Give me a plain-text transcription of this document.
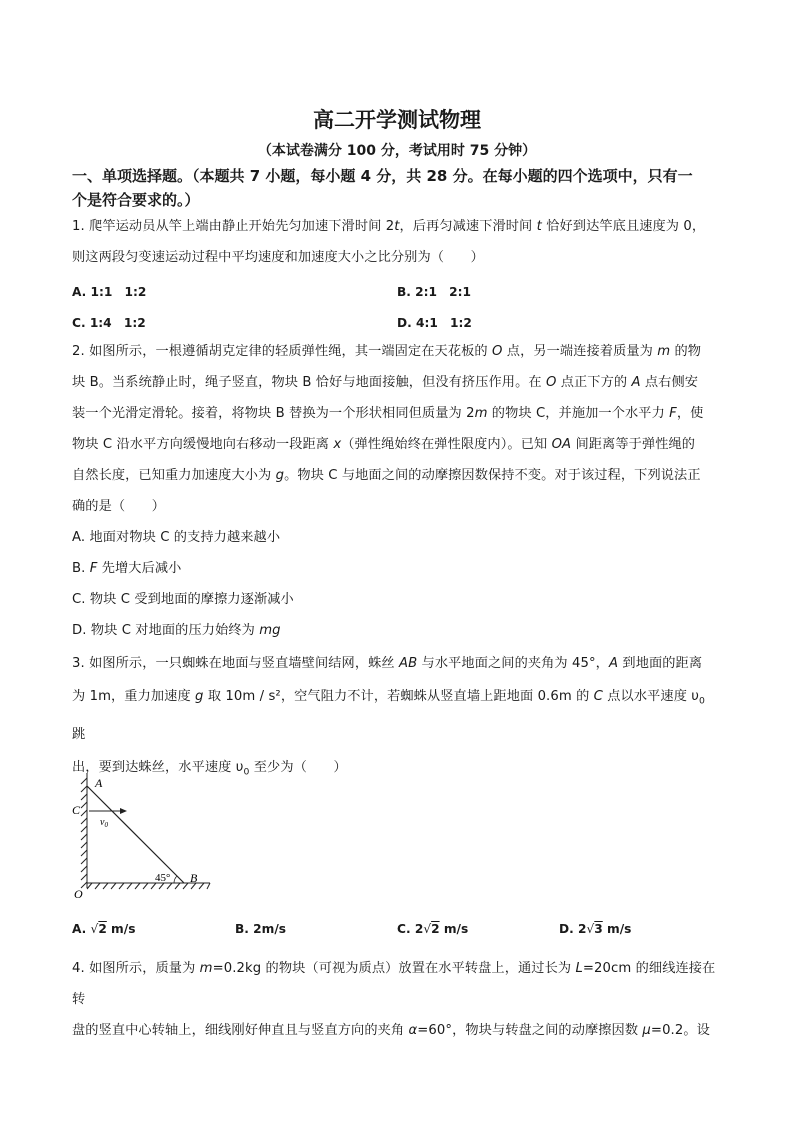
高二开学测试物理
（本试卷满分 100 分，考试用时 75 分钟）
一、单项选择题。（本题共 7 小题，每小题 4 分，共 28 分。在每小题的四个选项中，只有一
个是符合要求的。）
1. 爬竿运动员从竿上端由静止开始先匀加速下滑时间 2t，后再匀减速下滑时间 t 恰好到达竿底且速度为 0，
则这两段匀变速运动过程中平均速度和加速度大小之比分别为（　　）
A. 1:1　1:2	B. 2:1　2:1
C. 1:4　1:2	D. 4:1　1:2
2. 如图所示，一根遵循胡克定律的轻质弹性绳，其一端固定在天花板的 O 点，另一端连接着质量为 m 的物
块 B。当系统静止时，绳子竖直，物块 B 恰好与地面接触，但没有挤压作用。在 O 点正下方的 A 点右侧安
装一个光滑定滑轮。接着，将物块 B 替换为一个形状相同但质量为 2m 的物块 C，并施加一个水平力 F，使
物块 C 沿水平方向缓慢地向右移动一段距离 x（弹性绳始终在弹性限度内）。已知 OA 间距离等于弹性绳的
自然长度，已知重力加速度大小为 g。物块 C 与地面之间的动摩擦因数保持不变。对于该过程，下列说法正
确的是（　　）
A. 地面对物块 C 的支持力越来越小
B. F 先增大后减小
C. 物块 C 受到地面的摩擦力逐渐减小
D. 物块 C 对地面的压力始终为 mg
3. 如图所示，一只蜘蛛在地面与竖直墙壁间结网，蛛丝 AB 与水平地面之间的夹角为 45°，A 到地面的距离
为 1m，重力加速度 g 取 10m / s²，空气阻力不计，若蜘蛛从竖直墙上距地面 0.6m 的 C 点以水平速度 $\upsilon_0$ 跳
出，要到达蛛丝，水平速度 $\upsilon_0$ 至少为（　　）
A
C
$v_0$
O
B
45°
A. √2 m/s	B. 2m/s	C. 2√2 m/s	D. 2√3 m/s
4. 如图所示，质量为 m=0.2kg 的物块（可视为质点）放置在水平转盘上，通过长为 L=20cm 的细线连接在转
盘的竖直中心转轴上，细线刚好伸直且与竖直方向的夹角 α=60°，物块与转盘之间的动摩擦因数 μ=0.2。设
